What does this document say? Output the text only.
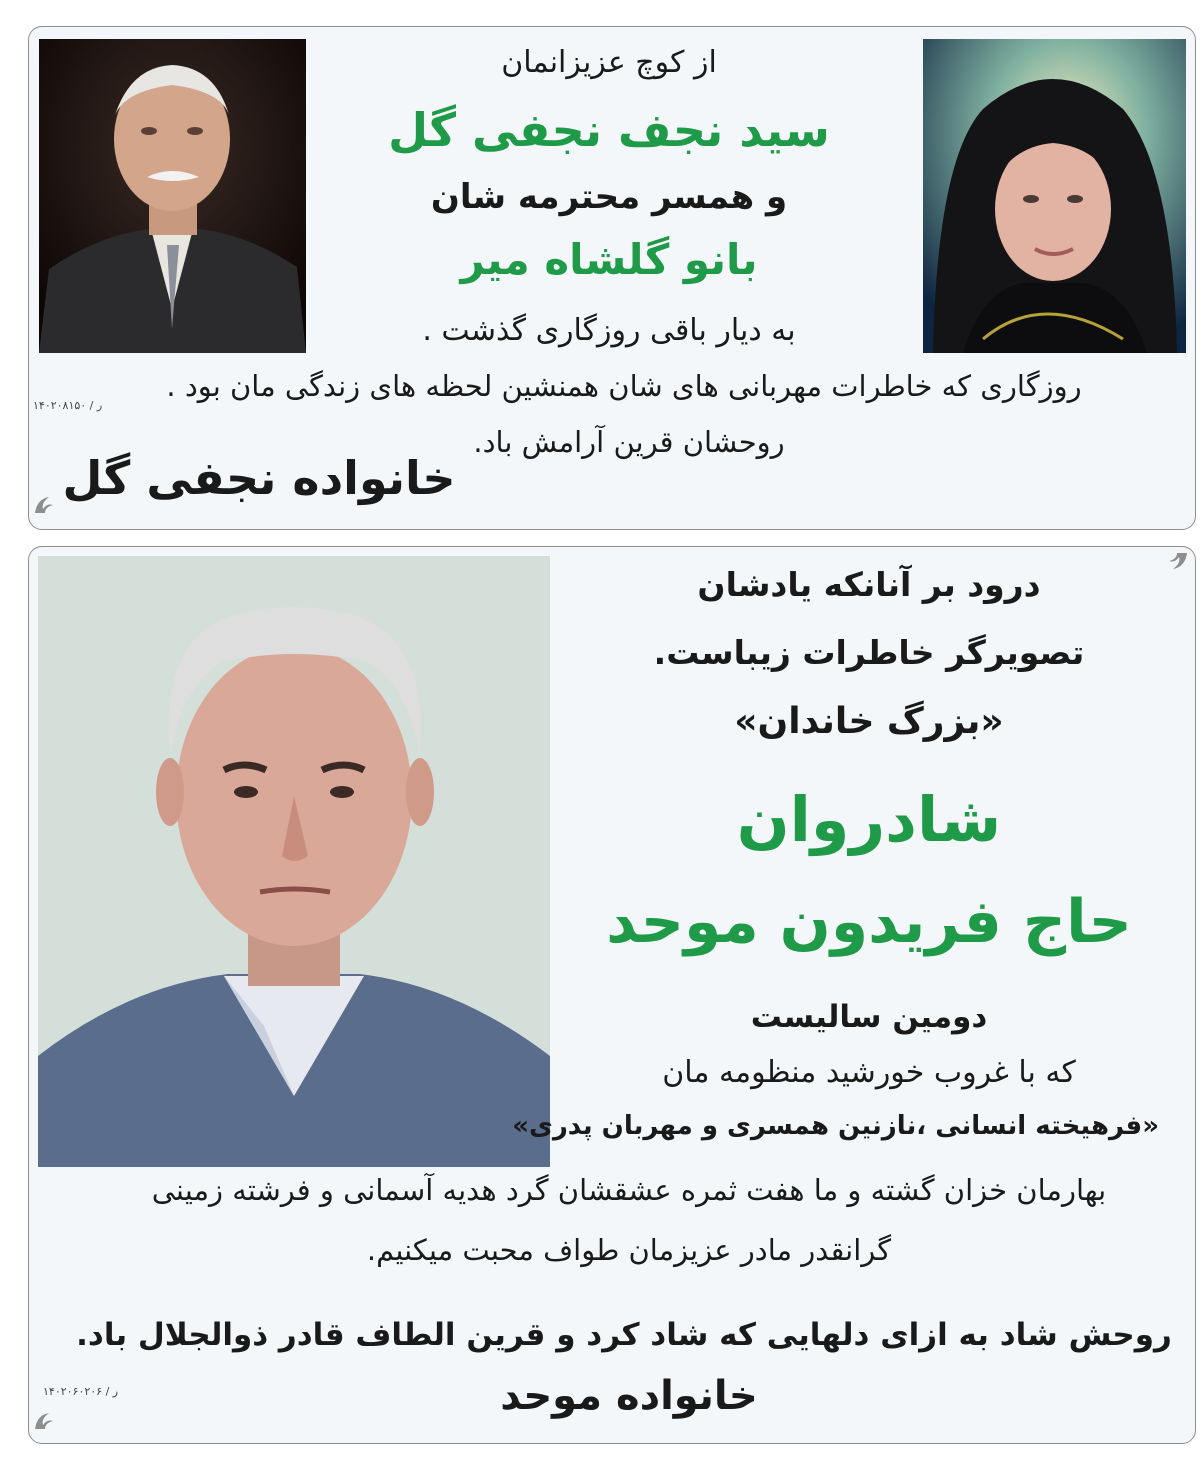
از کوچ عزیزانمان
سید نجف نجفی گل
و همسر محترمه شان
بانو گلشاه میر
به دیار باقی روزگاری گذشت .
روزگاری که خاطرات مهربانی های شان همنشین لحظه های زندگی مان بود .
روحشان قرین آرامش باد.
خانواده نجفی گل
۱۴۰۲۰۸۱۵۰ / ر
درود بر آنانکه یادشان
تصویرگر خاطرات زیباست.
«بزرگ خاندان»
شادروان
حاج فریدون موحد
دومین سالیست
که با غروب خورشید منظومه مان
«فرهیخته انسانی ،نازنین همسری و مهربان پدری»
بهارمان خزان گشته و ما هفت ثمره عشقشان گرد هدیه آسمانی و فرشته زمینی
گرانقدر مادر عزیزمان طواف محبت میکنیم.
روحش شاد به ازای دلهایی که شاد کرد و قرین الطاف قادر ذوالجلال باد.
خانواده موحد
۱۴۰۲۰۶۰۲۰۶ / ر
